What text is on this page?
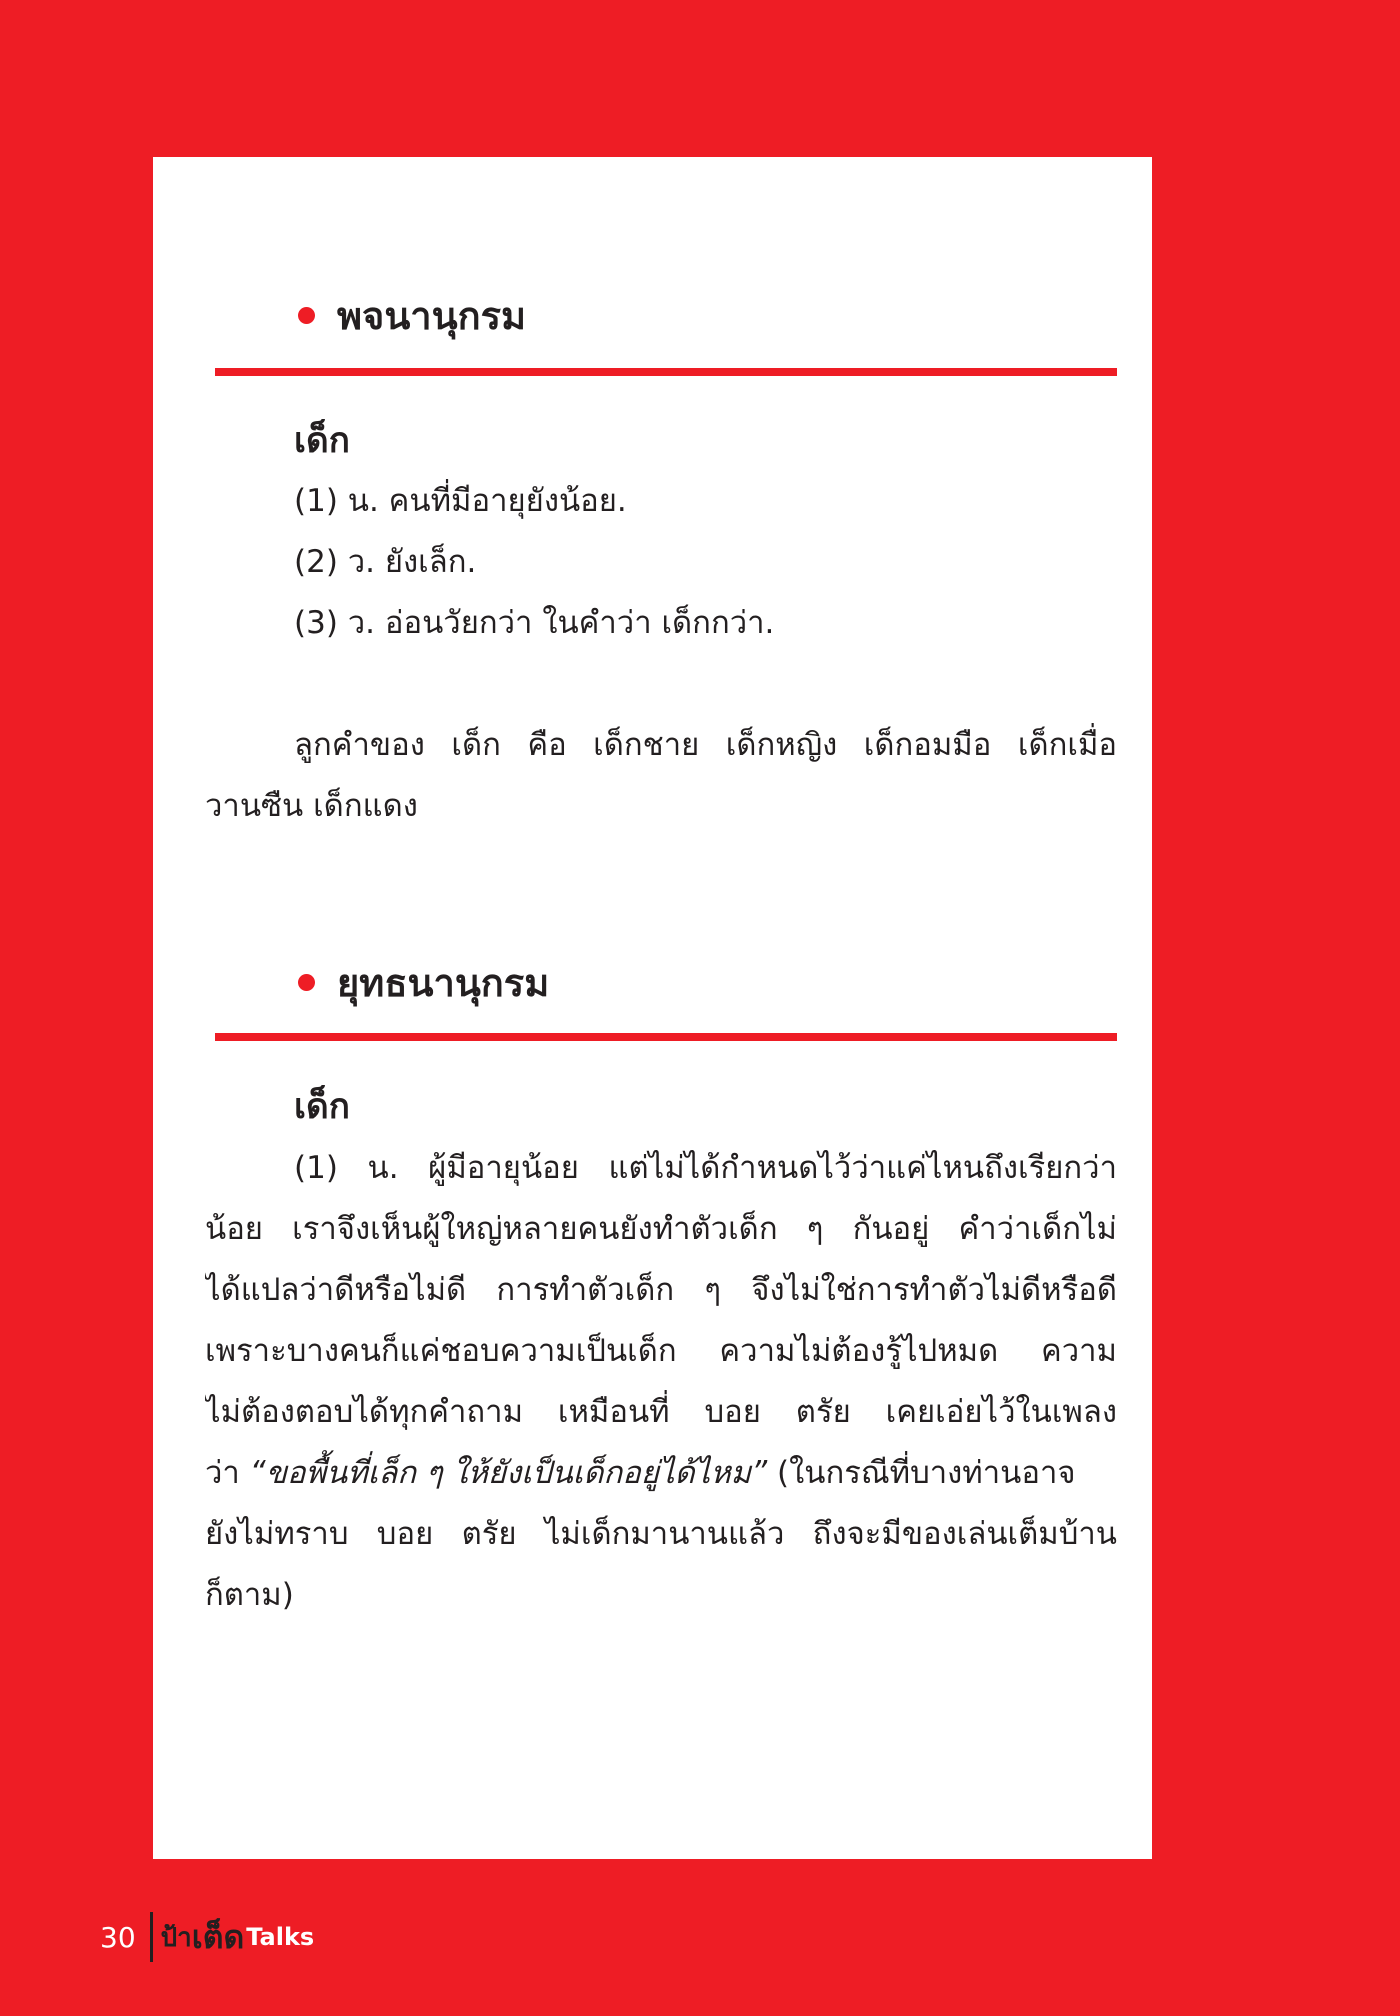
พจนานุกรม
เด็ก
(1) น. คนที่มีอายุยังน้อย.
(2) ว. ยังเล็ก.
(3) ว. อ่อนวัยกว่า ในคำว่า เด็กกว่า.
ลูกคำของ เด็ก คือ เด็กชาย เด็กหญิง เด็กอมมือ เด็กเมื่อ
วานซืน เด็กแดง
ยุทธนานุกรม
เด็ก
(1) น. ผู้มีอายุน้อย แต่ไม่ได้กำหนดไว้ว่าแค่ไหนถึงเรียกว่า
น้อย เราจึงเห็นผู้ใหญ่หลายคนยังทำตัวเด็ก ๆ กันอยู่ คำว่าเด็กไม่
ได้แปลว่าดีหรือไม่ดี การทำตัวเด็ก ๆ จึงไม่ใช่การทำตัวไม่ดีหรือดี
เพราะบางคนก็แค่ชอบความเป็นเด็ก ความไม่ต้องรู้ไปหมด ความ
ไม่ต้องตอบได้ทุกคำถาม เหมือนที่ บอย ตรัย เคยเอ่ยไว้ในเพลง
ว่า “ขอพื้นที่เล็ก ๆ ให้ยังเป็นเด็กอยู่ได้ไหม” (ในกรณีที่บางท่านอาจ
ยังไม่ทราบ บอย ตรัย ไม่เด็กมานานแล้ว ถึงจะมีของเล่นเต็มบ้าน
ก็ตาม)
30 ป้า เต็ด Talks
